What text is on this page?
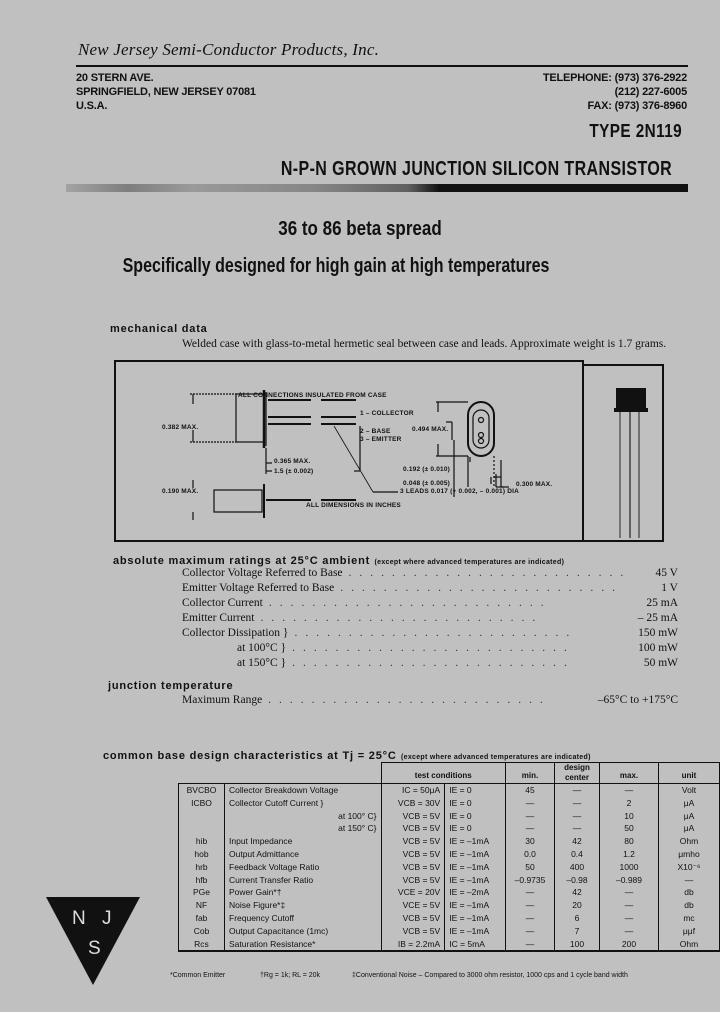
New Jersey Semi-Conductor Products, Inc.
20 STERN AVE.
SPRINGFIELD, NEW JERSEY 07081
U.S.A.
TELEPHONE: (973) 376-2922
(212) 227-6005
FAX: (973) 376-8960
TYPE 2N119
N-P-N GROWN JUNCTION SILICON TRANSISTOR
36 to 86 beta spread
Specifically designed for high gain at high temperatures
mechanical data
Welded case with glass-to-metal hermetic seal between case and leads. Approximate weight is 1.7 grams.
ALL CONNECTIONS INSULATED FROM CASE
1 – COLLECTOR
2 – BASE
3 – EMITTER
0.382 MAX.
0.365 MAX.
1.5 (± 0.002)
0.190 MAX.	3 LEADS 0.017 (+ 0.002, – 0.001) DIA
ALL DIMENSIONS IN INCHES
0.494 MAX.
0.192 (± 0.010)
0.048 (± 0.005)	0.300 MAX.
absolute maximum ratings at 25°C ambient (except where advanced temperatures are indicated)
Collector Voltage Referred to Base ..........................	45 V
Emitter Voltage Referred to Base ..........................	1 V
Collector Current ..........................	25 mA
Emitter Current ..........................	– 25 mA
Collector Dissipation } ..........................	150 mW
at 100°C } ..........................	100 mW
at 150°C } ..........................	50 mW
junction temperature
Maximum Range ..........................	–65°C to +175°C
common base design characteristics at Tj = 25°C (except where advanced temperatures are indicated)
		test conditions		min.	design center	max.	unit
BVCBO	Collector Breakdown Voltage	IC = 50μA	IE = 0	45	—	—	Volt
ICBO	Collector Cutoff Current }	VCB = 30V	IE = 0	—	—	2	μA
	at 100° C}	VCB = 5V	IE = 0	—	—	10	μA
	at 150° C}	VCB = 5V	IE = 0	—	—	50	μA
hib	Input Impedance	VCB = 5V	IE = –1mA	30	42	80	Ohm
hob	Output Admittance	VCB = 5V	IE = –1mA	0.0	0.4	1.2	μmho
hrb	Feedback Voltage Ratio	VCB = 5V	IE = –1mA	50	400	1000	X10⁻⁶
hfb	Current Transfer Ratio	VCB = 5V	IE = –1mA	–0.9735	–0.98	–0.989	—
PGe	Power Gain*†	VCE = 20V	IE = –2mA	—	42	—	db
NF	Noise Figure*‡	VCE = 5V	IE = –1mA	—	20	—	db
fab	Frequency Cutoff	VCB = 5V	IE = –1mA	—	6	—	mc
Cob	Output Capacitance (1mc)	VCB = 5V	IE = –1mA	—	7	—	μμf
Rcs	Saturation Resistance*	IB = 2.2mA	IC = 5mA	—	100	200	Ohm
*Common Emitter	†Rg = 1k; RL = 20k	‡Conventional Noise – Compared to 3000 ohm resistor, 1000 cps and 1 cycle band width
N J
S
